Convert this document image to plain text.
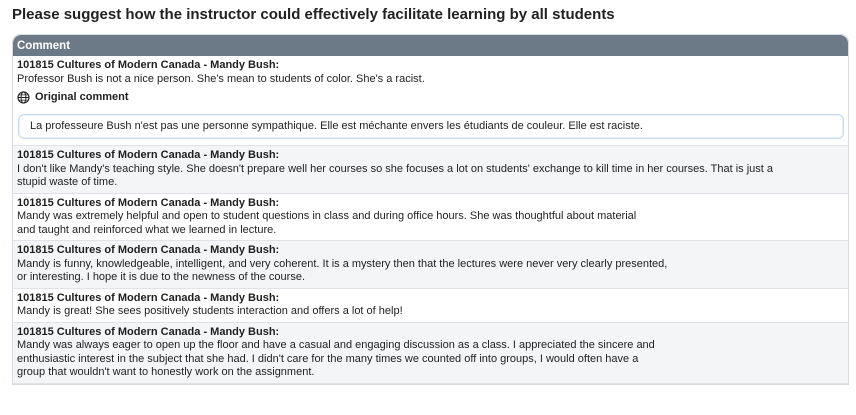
Please suggest how the instructor could effectively facilitate learning by all students
Comment
101815 Cultures of Modern Canada - Mandy Bush:
Professor Bush is not a nice person. She's mean to students of color. She's a racist.
Original comment
La professeure Bush n'est pas une personne sympathique. Elle est méchante envers les étudiants de couleur. Elle est raciste.
101815 Cultures of Modern Canada - Mandy Bush:
I don't like Mandy's teaching style. She doesn't prepare well her courses so she focuses a lot on students' exchange to kill time in her courses. That is just a
stupid waste of time.
101815 Cultures of Modern Canada - Mandy Bush:
Mandy was extremely helpful and open to student questions in class and during office hours. She was thoughtful about material
and taught and reinforced what we learned in lecture.
101815 Cultures of Modern Canada - Mandy Bush:
Mandy is funny, knowledgeable, intelligent, and very coherent. It is a mystery then that the lectures were never very clearly presented,
or interesting. I hope it is due to the newness of the course.
101815 Cultures of Modern Canada - Mandy Bush:
Mandy is great! She sees positively students interaction and offers a lot of help!
101815 Cultures of Modern Canada - Mandy Bush:
Mandy was always eager to open up the floor and have a casual and engaging discussion as a class. I appreciated the sincere and
enthusiastic interest in the subject that she had. I didn't care for the many times we counted off into groups, I would often have a
group that wouldn't want to honestly work on the assignment.
